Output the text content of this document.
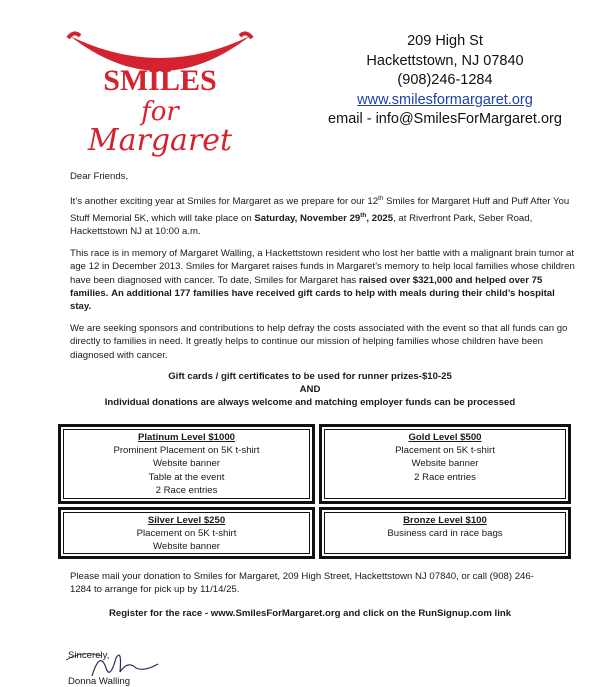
SMILES
for
Margaret
209 High St
Hackettstown, NJ 07840
(908)246-1284
www.smilesformargaret.org
email - info@SmilesForMargaret.org

Dear Friends,

It’s another exciting year at Smiles for Margaret as we prepare for our 12th Smiles for Margaret Huff and Puff After You Stuff Memorial 5K, which will take place on Saturday, November 29th, 2025, at Riverfront Park, Seber Road, Hackettstown NJ at 10:00 a.m.

This race is in memory of Margaret Walling, a Hackettstown resident who lost her battle with a malignant brain tumor at age 12 in December 2013. Smiles for Margaret raises funds in Margaret’s memory to help local families whose children have been diagnosed with cancer. To date, Smiles for Margaret has raised over $321,000 and helped over 75 families. An additional 177 families have received gift cards to help with meals during their child’s hospital stay.

We are seeking sponsors and contributions to help defray the costs associated with the event so that all funds can go directly to families in need. It greatly helps to continue our mission of helping families whose children have been diagnosed with cancer.

Gift cards / gift certificates to be used for runner prizes-$10-25
AND
Individual donations are always welcome and matching employer funds can be processed
Platinum Level $1000
Prominent Placement on 5K t-shirt
Website banner
Table at the event
2 Race entries
Gold Level $500
Placement on 5K t-shirt
Website banner
2 Race entries
Silver Level $250
Placement on 5K t-shirt
Website banner
Bronze Level $100
Business card in race bags
Please mail your donation to Smiles for Margaret, 209 High Street, Hackettstown NJ 07840, or call (908) 246-1284 to arrange for pick up by 11/14/25.
Register for the race - www.SmilesForMargaret.org and click on the RunSignup.com link
Sincerely,
Donna Walling
